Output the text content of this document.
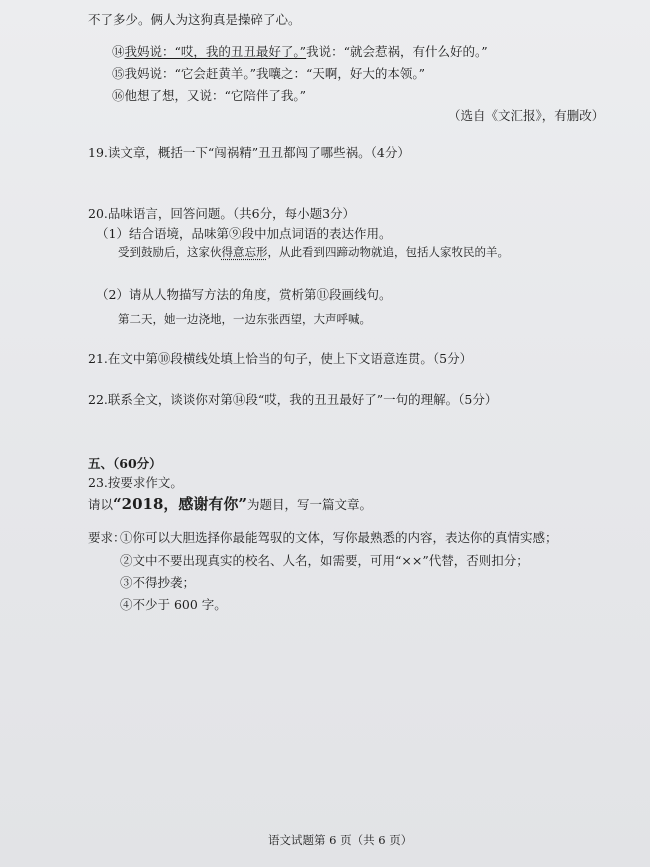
不了多少。俩人为这狗真是操碎了心。
⑭我妈说：“哎，我的丑丑最好了。”我说：“就会惹祸，有什么好的。”
⑮我妈说：“它会赶黄羊。”我嚷之：“天啊，好大的本领。”
⑯他想了想，又说：“它陪伴了我。”
（选自《文汇报》，有删改）
19.读文章，概括一下“闯祸精”丑丑都闯了哪些祸。（4分）
20.品味语言，回答问题。（共6分，每小题3分）
（1）结合语境，品味第⑨段中加点词语的表达作用。
受到鼓励后，这家伙得意忘形，从此看到四蹄动物就追，包括人家牧民的羊。
（2）请从人物描写方法的角度，赏析第⑪段画线句。
第二天，她一边浇地，一边东张西望，大声呼喊。
21.在文中第⑩段横线处填上恰当的句子，使上下文语意连贯。（5分）
22.联系全文，谈谈你对第⑭段“哎，我的丑丑最好了”一句的理解。（5分）
五、（60分）
23.按要求作文。
请以“2018，感谢有你”为题目，写一篇文章。
要求：
①你可以大胆选择你最能驾驭的文体，写你最熟悉的内容，表达你的真情实感；
②文中不要出现真实的校名、人名，如需要，可用“××”代替，否则扣分；
③不得抄袭；
④不少于 600 字。
语文试题第 6 页（共 6 页）
